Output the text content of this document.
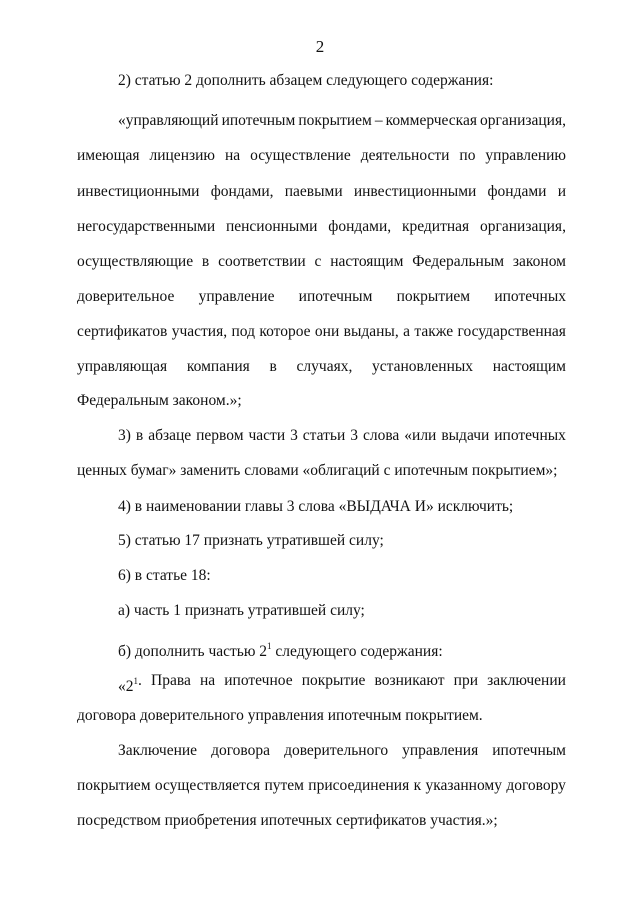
2
2) статью 2 дополнить абзацем следующего содержания:
«управляющий ипотечным покрытием – коммерческая организация,
имеющая лицензию на осуществление деятельности по управлению
инвестиционными фондами, паевыми инвестиционными фондами и
негосударственными пенсионными фондами, кредитная организация,
осуществляющие в соответствии с настоящим Федеральным законом
доверительное управление ипотечным покрытием ипотечных
сертификатов участия, под которое они выданы, а также государственная
управляющая компания в случаях, установленных настоящим
Федеральным законом.»;
3) в абзаце первом части 3 статьи 3 слова «или выдачи ипотечных
ценных бумаг» заменить словами «облигаций с ипотечным покрытием»;
4) в наименовании главы 3 слова «ВЫДАЧА И» исключить;
5) статью 17 признать утратившей силу;
6) в статье 18:
а) часть 1 признать утратившей силу;
б) дополнить частью $2^1$ следующего содержания:
«$2^1$ . Права на ипотечное покрытие возникают при заключении
договора доверительного управления ипотечным покрытием.
Заключение договора доверительного управления ипотечным
покрытием осуществляется путем присоединения к указанному договору
посредством приобретения ипотечных сертификатов участия.»;
